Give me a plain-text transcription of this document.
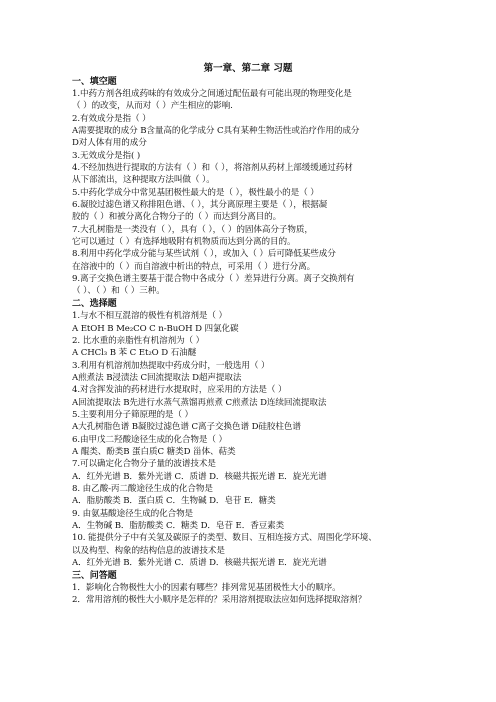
第一章、第二章 习题
一、填空题
1.中药方剂各组成药味的有效成分之间通过配伍最有可能出现的物理变化是
（ ）的改变，从而对（ ）产生相应的影响.
2.有效成分是指（ ）
A需要提取的成分 B含量高的化学成分 C具有某种生物活性或治疗作用的成分
D对人体有用的成分
3.无效成分是指( )
4.不经加热进行提取的方法有（ ）和（ ），将溶剂从药材上部缓缓通过药材
从下部流出，这种提取方法叫做（ ）。
5.中药化学成分中常见基团极性最大的是（ ），极性最小的是（ ）
6.凝胶过滤色谱又称排阻色谱、（ ），其分离原理主要是（ ），根据凝
胶的（ ）和被分离化合物分子的（ ）而达到分离目的。
7.大孔树脂是一类没有（ ），具有（ ），（ ）的固体高分子物质，
它可以通过（ ）有选择地吸附有机物质而达到分离的目的。
8.利用中药化学成分能与某些试剂（ ），或加入（ ）后可降低某些成分
在溶液中的（ ）而自溶液中析出的特点，可采用（ ）进行分离。
9.离子交换色谱主要基于混合物中各成分（ ）差异进行分离。离子交换剂有
（ ）、（ ）和（ ）三种。
二、选择题
1.与水不相互混溶的极性有机溶剂是（ ）
A EtOH B Me₂CO C n-BuOH D 四氯化碳
2. 比水重的亲脂性有机溶剂为（ ）
A CHCl₃ B 苯 C Et₂O D 石油醚
3.利用有机溶剂加热提取中药成分时，一般选用（ ）
A煎煮法 B浸渍法 C回流提取法 D超声提取法
4.对含挥发油的药材进行水提取时，应采用的方法是（ ）
A回流提取法 B先进行水蒸气蒸馏再煎煮 C煎煮法 D连续回流提取法
5.主要利用分子筛原理的是（ ）
A大孔树脂色谱 B凝胶过滤色谱 C离子交换色谱 D硅胶柱色谱
6.由甲戊二羟酸途径生成的化合物是（ ）
A 醌类、酚类B 蛋白质C 糖类D 甾体、萜类
7.可以确定化合物分子量的波谱技术是
A．红外光谱 B．紫外光谱 C．质谱 D．核磁共振光谱 E．旋光光谱
8. 由乙酸-丙二酸途径生成的化合物是
A．脂肪酸类 B．蛋白质 C．生物碱 D．皂苷 E．糖类
9. 由氨基酸途径生成的化合物是
A．生物碱 B．脂肪酸类 C．糖类 D．皂苷 E．香豆素类
10. 能提供分子中有关氢及碳原子的类型、数目、互相连接方式、周围化学环境、
以及构型、构象的结构信息的波谱技术是
A．红外光谱 B．紫外光谱 C．质谱 D．核磁共振光谱 E．旋光光谱
三、问答题
1．影响化合物极性大小的因素有哪些？排列常见基团极性大小的顺序。
2．常用溶剂的极性大小顺序是怎样的？采用溶剂提取法应如何选择提取溶剂？
